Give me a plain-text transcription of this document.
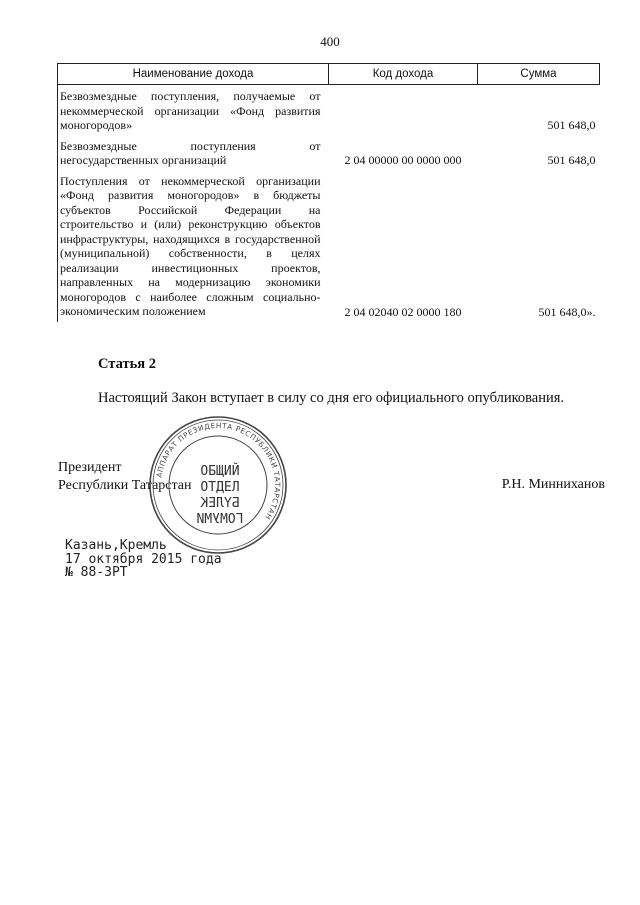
400
Наименование дохода	Код дохода	Сумма
Безвозмездные поступления, получаемые от некоммерческой организации «Фонд развития моногородов»		501 648,0
Безвозмездные поступления от негосударственных организаций	2 04 00000 00 0000 000	501 648,0
Поступления от некоммерческой организации «Фонд развития моногородов» в бюджеты субъектов Российской Федерации на строительство и (или) реконструкцию объектов инфраструктуры, находящихся в государственной (муниципальной) собственности, в целях реализации инвестиционных проектов, направленных на модернизацию экономики моногородов с наиболее сложным социально-экономическим положением	2 04 02040 02 0000 180	501 648,0».
Статья 2
Настоящий Закон вступает в силу со дня его официального опубликования.
Президент
Республики Татарстан
АППАРАТ ПРЕЗИДЕНТА РЕСПУБЛИКИ ТАТАРСТАН
ОБЩИЙ
ОТДЕЛ
БҮЛЕК
ГОМУМИ
Р.Н. Минниханов
Казань,Кремль
17 октября 2015 года
№ 88-ЗРТ
